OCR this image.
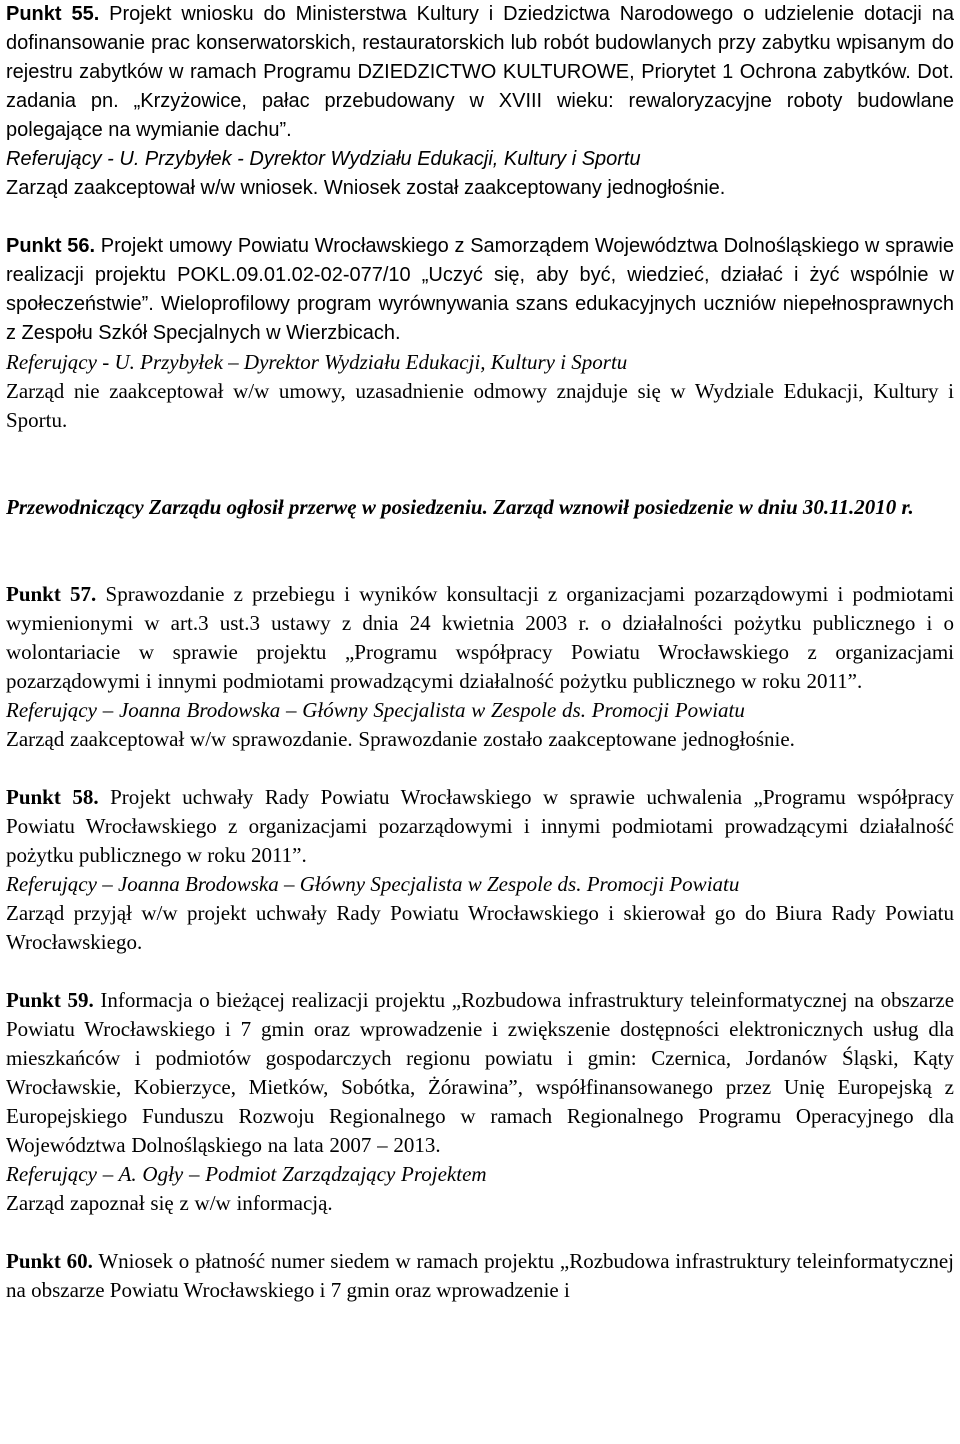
Punkt 55. Projekt wniosku do Ministerstwa Kultury i Dziedzictwa Narodowego o udzielenie dotacji na dofinansowanie prac konserwatorskich, restauratorskich lub robót budowlanych przy zabytku wpisanym do rejestru zabytków w ramach Programu DZIEDZICTWO KULTUROWE, Priorytet 1 Ochrona zabytków. Dot. zadania pn. „Krzyżowice, pałac przebudowany w XVIII wieku: rewaloryzacyjne roboty budowlane polegające na wymianie dachu”.

Referujący - U. Przybyłek - Dyrektor Wydziału Edukacji, Kultury i Sportu

Zarząd zaakceptował w/w wniosek. Wniosek został zaakceptowany jednogłośnie.

Punkt 56. Projekt umowy Powiatu Wrocławskiego z Samorządem Województwa Dolnośląskiego w sprawie realizacji projektu POKL.09.01.02-02-077/10 „Uczyć się, aby być, wiedzieć, działać i żyć wspólnie w społeczeństwie”. Wieloprofilowy program wyrównywania szans edukacyjnych uczniów niepełnosprawnych z Zespołu Szkół Specjalnych w Wierzbicach.

Referujący - U. Przybyłek – Dyrektor Wydziału Edukacji, Kultury i Sportu

Zarząd nie zaakceptował w/w umowy, uzasadnienie odmowy znajduje się w Wydziale Edukacji, Kultury i Sportu.

Przewodniczący Zarządu ogłosił przerwę w posiedzeniu. Zarząd wznowił posiedzenie w dniu 30.11.2010 r.

Punkt 57. Sprawozdanie z przebiegu i wyników konsultacji z organizacjami pozarządowymi i podmiotami wymienionymi w art.3 ust.3 ustawy z dnia 24 kwietnia 2003 r. o działalności pożytku publicznego i o wolontariacie w sprawie projektu „Programu współpracy Powiatu Wrocławskiego z organizacjami pozarządowymi i innymi podmiotami prowadzącymi działalność pożytku publicznego w roku 2011”.

Referujący – Joanna Brodowska – Główny Specjalista w Zespole ds. Promocji Powiatu

Zarząd zaakceptował w/w sprawozdanie. Sprawozdanie zostało zaakceptowane jednogłośnie.

Punkt 58. Projekt uchwały Rady Powiatu Wrocławskiego w sprawie uchwalenia „Programu współpracy Powiatu Wrocławskiego z organizacjami pozarządowymi i innymi podmiotami prowadzącymi działalność pożytku publicznego w roku 2011”.

Referujący – Joanna Brodowska – Główny Specjalista w Zespole ds. Promocji Powiatu

Zarząd przyjął w/w projekt uchwały Rady Powiatu Wrocławskiego i skierował go do Biura Rady Powiatu Wrocławskiego.

Punkt 59. Informacja o bieżącej realizacji projektu „Rozbudowa infrastruktury teleinformatycznej na obszarze Powiatu Wrocławskiego i 7 gmin oraz wprowadzenie i zwiększenie dostępności elektronicznych usług dla mieszkańców i podmiotów gospodarczych regionu powiatu i gmin: Czernica, Jordanów Śląski, Kąty Wrocławskie, Kobierzyce, Mietków, Sobótka, Żórawina”, współfinansowanego przez Unię Europejską z Europejskiego Funduszu Rozwoju Regionalnego w ramach Regionalnego Programu Operacyjnego dla Województwa Dolnośląskiego na lata 2007 – 2013.

Referujący – A. Ogły – Podmiot Zarządzający Projektem

Zarząd zapoznał się z w/w informacją.

Punkt 60. Wniosek o płatność numer siedem w ramach projektu „Rozbudowa infrastruktury teleinformatycznej na obszarze Powiatu Wrocławskiego i 7 gmin oraz wprowadzenie i
